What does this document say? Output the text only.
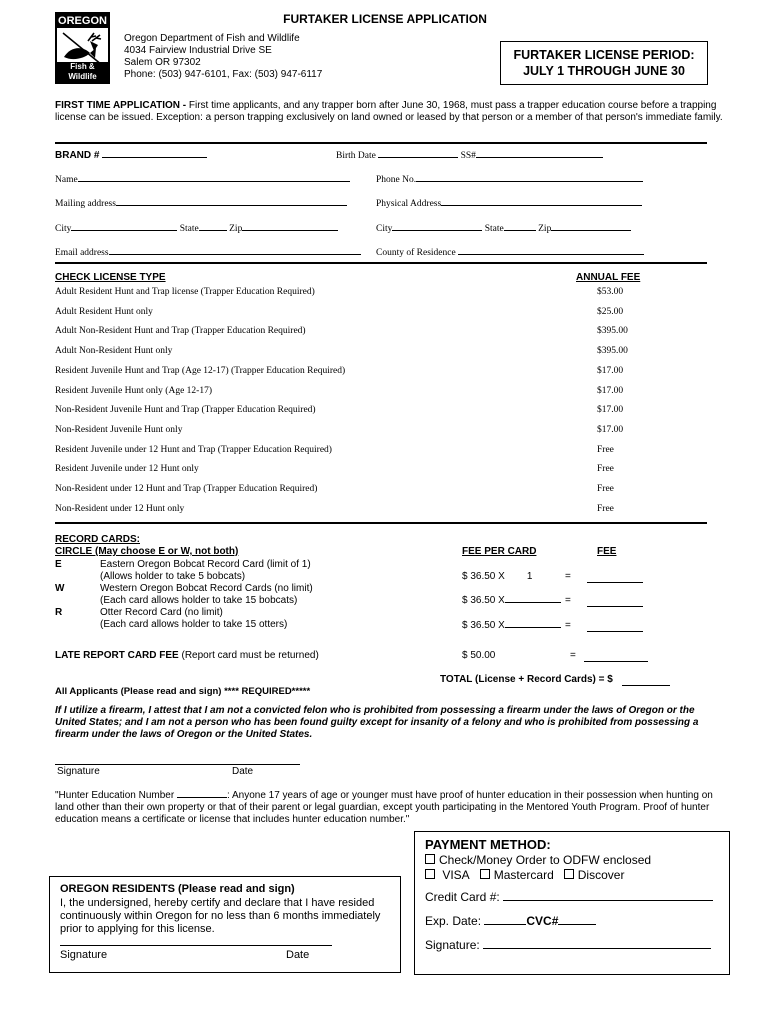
OREGON
Fish & Wildlife
FURTAKER LICENSE APPLICATION
Oregon Department of Fish and Wildlife
4034 Fairview Industrial Drive SE
Salem OR 97302
Phone: (503) 947-6101, Fax: (503) 947-6117
FURTAKER LICENSE PERIOD:
JULY 1 THROUGH JUNE 30
FIRST TIME APPLICATION - First time applicants, and any trapper born after June 30, 1968, must pass a trapper education course before a trapping license can be issued. Exception: a person trapping exclusively on land owned or leased by that person or a member of that person's immediate family.
BRAND #	Birth Date	SS#
Name	Phone No.
Mailing address	Physical Address
City	State	Zip	City	State	Zip
Email address	County of Residence
CHECK LICENSE TYPE	ANNUAL FEE
Adult Resident Hunt and Trap license (Trapper Education Required)	$53.00
Adult Resident Hunt only	$25.00
Adult Non-Resident Hunt and Trap (Trapper Education Required)	$395.00
Adult Non-Resident Hunt only	$395.00
Resident Juvenile Hunt and Trap (Age 12-17) (Trapper Education Required)	$17.00
Resident Juvenile Hunt only (Age 12-17)	$17.00
Non-Resident Juvenile Hunt and Trap (Trapper Education Required)	$17.00
Non-Resident Juvenile Hunt only	$17.00
Resident Juvenile under 12 Hunt and Trap (Trapper Education Required)	Free
Resident Juvenile under 12 Hunt only	Free
Non-Resident under 12 Hunt and Trap (Trapper Education Required)	Free
Non-Resident under 12 Hunt only	Free
RECORD CARDS:
CIRCLE (May choose E or W, not both)	FEE PER CARD	FEE
E	Eastern Oregon Bobcat Record Card (limit of 1)
(Allows holder to take 5 bobcats)	$ 36.50 X 1	=
W	Western Oregon Bobcat Record Cards (no limit)
(Each card allows holder to take 15 bobcats)	$ 36.50 X	=
R	Otter Record Card (no limit)
(Each card allows holder to take 15 otters)	$ 36.50 X	=
LATE REPORT CARD FEE (Report card must be returned)	$ 50.00	=
TOTAL (License + Record Cards) = $
All Applicants (Please read and sign) **** REQUIRED*****
If I utilize a firearm, I attest that I am not a convicted felon who is prohibited from possessing a firearm under the laws of Oregon or the United States; and I am not a person who has been found guilty except for insanity of a felony and who is prohibited from possessing a firearm under the laws of Oregon or the United States.
Signature	Date
"Hunter Education Number	: Anyone 17 years of age or younger must have proof of hunter education in their possession when hunting on land other than their own property or that of their parent or legal guardian, except youth participating in the Mentored Youth Program. Proof of hunter education means a certificate or license that includes hunter education number."
OREGON RESIDENTS (Please read and sign)
I, the undersigned, hereby certify and declare that I have resided continuously within Oregon for no less than 6 months immediately prior to applying for this license.
Signature	Date
PAYMENT METHOD:
Check/Money Order to ODFW enclosed
VISA Mastercard Discover
Credit Card #:
Exp. Date:	CVC#
Signature:
